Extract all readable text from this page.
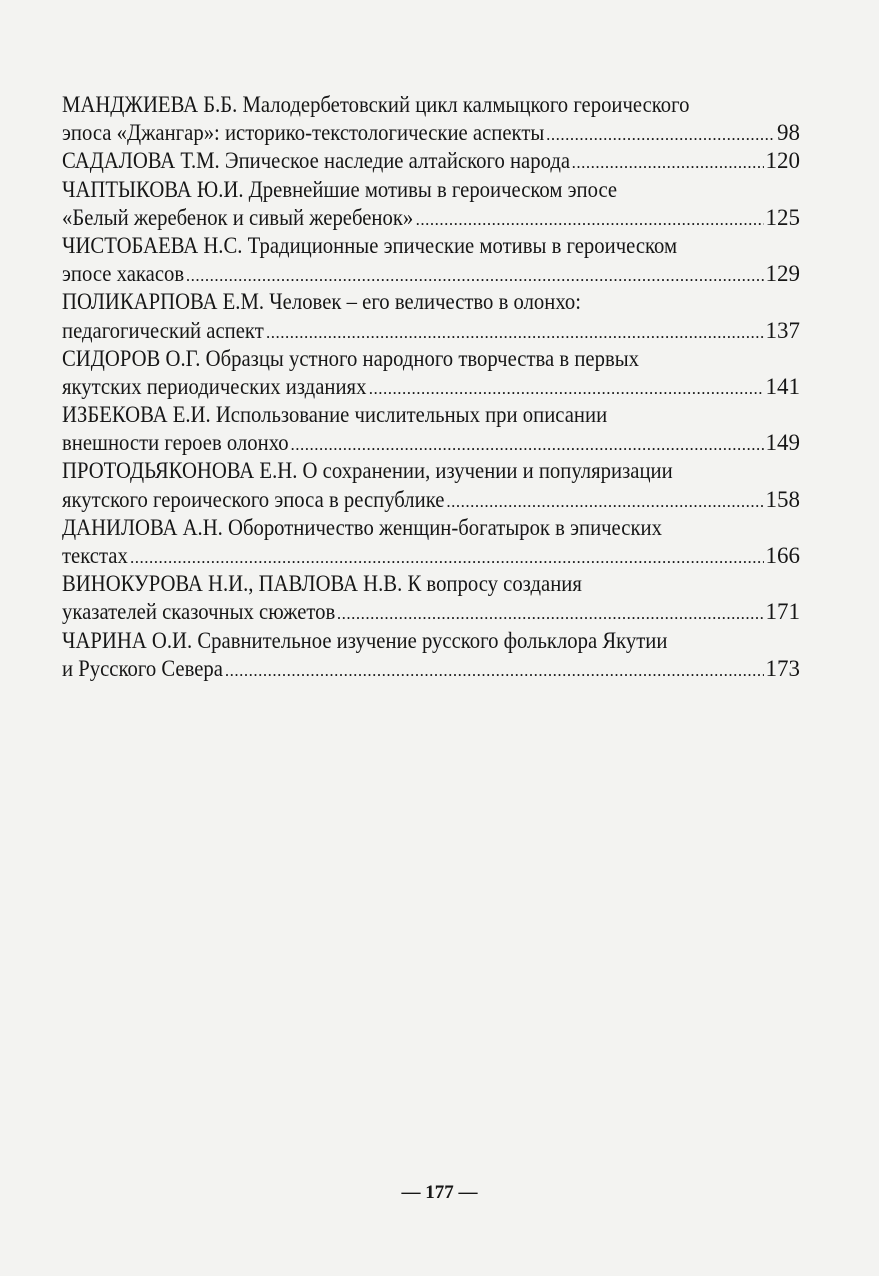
МАНДЖИЕВА Б.Б. Малодербетовский цикл калмыцкого героического
эпоса «Джангар»: историко-текстологические аспекты .....	98
САДАЛОВА Т.М. Эпическое наследие алтайского народа .....	120
ЧАПТЫКОВА Ю.И. Древнейшие мотивы в героическом эпосе
«Белый жеребенок и сивый жеребенок» .....	125
ЧИСТОБАЕВА Н.С. Традиционные эпические мотивы в героическом
эпосе хакасов .....	129
ПОЛИКАРПОВА Е.М. Человек – его величество в олонхо:
педагогический аспект .....	137
СИДОРОВ О.Г. Образцы устного народного творчества в первых
якутских периодических изданиях .....	141
ИЗБЕКОВА Е.И. Использование числительных при описании
внешности героев олонхо .....	149
ПРОТОДЬЯКОНОВА Е.Н. О сохранении, изучении и популяризации
якутского героического эпоса в республике .....	158
ДАНИЛОВА А.Н. Оборотничество женщин-богатырок в эпических
текстах .....	166
ВИНОКУРОВА Н.И., ПАВЛОВА Н.В. К вопросу создания
указателей сказочных сюжетов .....	171
ЧАРИНА О.И. Сравнительное изучение русского фольклора Якутии
и Русского Севера .....	173
— 177 —
